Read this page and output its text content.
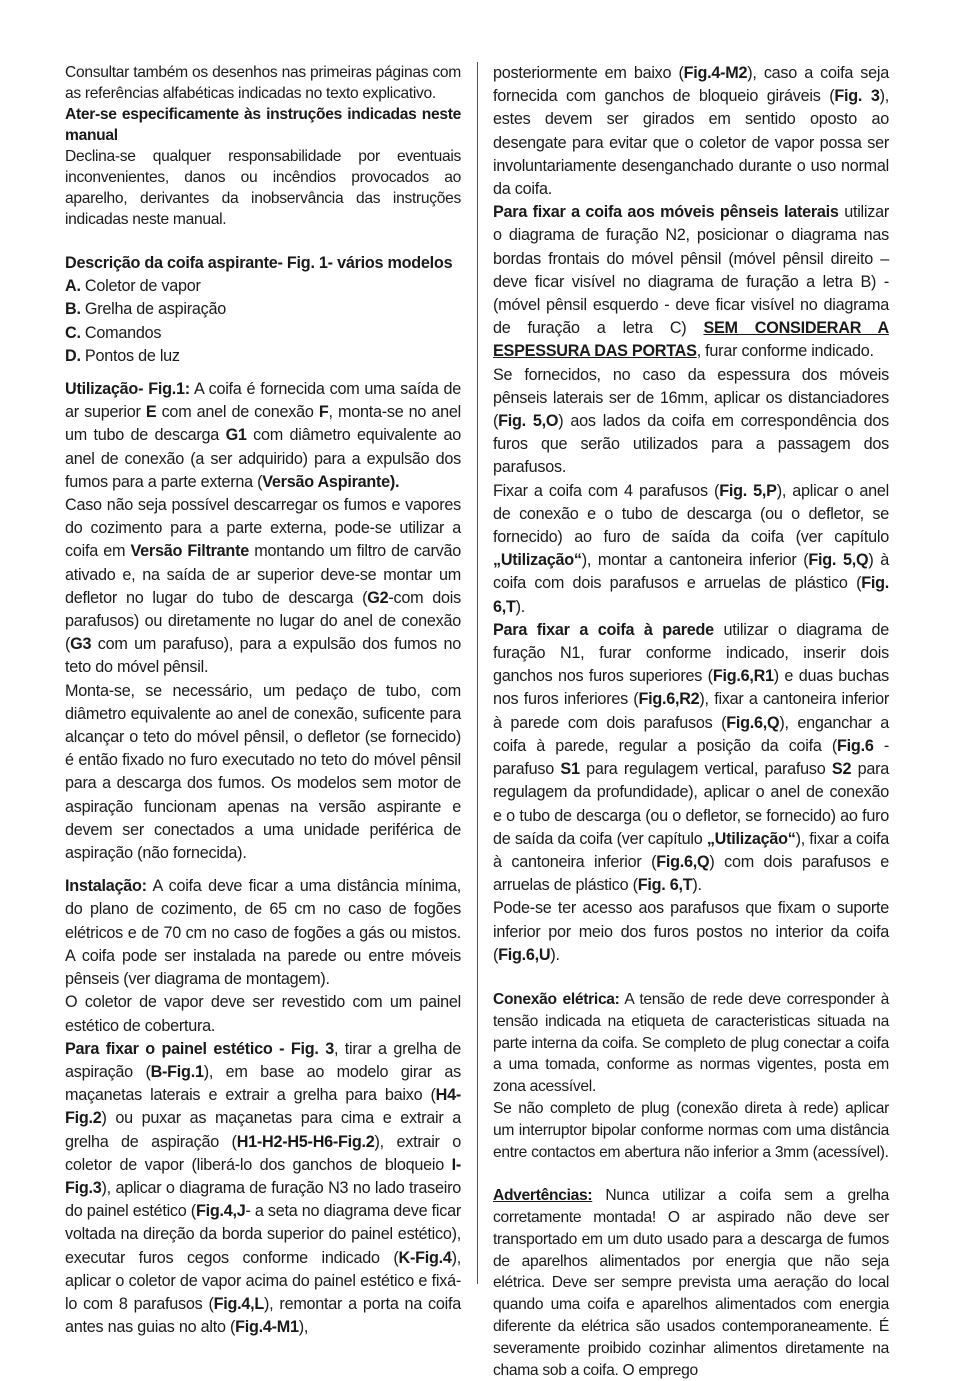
Consultar também os desenhos nas primeiras páginas com as referências alfabéticas indicadas no texto explicativo.
Ater-se especificamente às instruções indicadas neste manual
Declina-se qualquer responsabilidade por eventuais inconvenientes, danos ou incêndios provocados ao aparelho, derivantes da inobservância das instruções indicadas neste manual.

Descrição da coifa aspirante- Fig. 1- vários modelos
A. Coletor de vapor
B. Grelha de aspiração
C. Comandos
D. Pontos de luz

Utilização- Fig.1: A coifa é fornecida com uma saída de ar superior E com anel de conexão F, monta-se no anel um tubo de descarga G1 com diâmetro equivalente ao anel de conexão (a ser adquirido) para a expulsão dos fumos para a parte externa (Versão Aspirante).

Caso não seja possível descarregar os fumos e vapores do cozimento para a parte externa, pode-se utilizar a coifa em Versão Filtrante montando um filtro de carvão ativado e, na saída de ar superior deve-se montar um defletor no lugar do tubo de descarga (G2-com dois parafusos) ou diretamente no lugar do anel de conexão (G3 com um parafuso), para a expulsão dos fumos no teto do móvel pênsil.

Monta-se, se necessário, um pedaço de tubo, com diâmetro equivalente ao anel de conexão, suficente para alcançar o teto do móvel pênsil, o defletor (se fornecido) é então fixado no furo executado no teto do móvel pênsil para a descarga dos fumos. Os modelos sem motor de aspiração funcionam apenas na versão aspirante e devem ser conectados a uma unidade periférica de aspiração (não fornecida).

Instalação: A coifa deve ficar a uma distância mínima, do plano de cozimento, de 65 cm no caso de fogões elétricos e de 70 cm no caso de fogões a gás ou mistos. A coifa pode ser instalada na parede ou entre móveis pênseis (ver diagrama de montagem).

O coletor de vapor deve ser revestido com um painel estético de cobertura.

Para fixar o painel estético - Fig. 3, tirar a grelha de aspiração (B-Fig.1), em base ao modelo girar as maçanetas laterais e extrair a grelha para baixo (H4-Fig.2) ou puxar as maçanetas para cima e extrair a grelha de aspiração (H1-H2-H5-H6-Fig.2), extrair o coletor de vapor (liberá-lo dos ganchos de bloqueio I-Fig.3), aplicar o diagrama de furação N3 no lado traseiro do painel estético (Fig.4,J- a seta no diagrama deve ficar voltada na direção da borda superior do painel estético), executar furos cegos conforme indicado (K-Fig.4), aplicar o coletor de vapor acima do painel estético e fixá-lo com 8 parafusos (Fig.4,L), remontar a porta na coifa antes nas guias no alto (Fig.4-M1),

posteriormente em baixo (Fig.4-M2), caso a coifa seja fornecida com ganchos de bloqueio giráveis (Fig. 3), estes devem ser girados em sentido oposto ao desengate para evitar que o coletor de vapor possa ser involuntariamente desenganchado durante o uso normal da coifa.

Para fixar a coifa aos móveis pênseis laterais utilizar o diagrama de furação N2, posicionar o diagrama nas bordas frontais do móvel pênsil (móvel pênsil direito – deve ficar visível no diagrama de furação a letra B) - (móvel pênsil esquerdo - deve ficar visível no diagrama de furação a letra C) SEM CONSIDERAR A ESPESSURA DAS PORTAS, furar conforme indicado.

Se fornecidos, no caso da espessura dos móveis pênseis laterais ser de 16mm, aplicar os distanciadores (Fig. 5,O) aos lados da coifa em correspondência dos furos que serão utilizados para a passagem dos parafusos.

Fixar a coifa com 4 parafusos (Fig. 5,P), aplicar o anel de conexão e o tubo de descarga (ou o defletor, se fornecido) ao furo de saída da coifa (ver capítulo „Utilização“), montar a cantoneira inferior (Fig. 5,Q) à coifa com dois parafusos e arruelas de plástico (Fig. 6,T).

Para fixar a coifa à parede utilizar o diagrama de furação N1, furar conforme indicado, inserir dois ganchos nos furos superiores (Fig.6,R1) e duas buchas nos furos inferiores (Fig.6,R2), fixar a cantoneira inferior à parede com dois parafusos (Fig.6,Q), enganchar a coifa à parede, regular a posição da coifa (Fig.6 - parafuso S1 para regulagem vertical, parafuso S2 para regulagem da profundidade), aplicar o anel de conexão e o tubo de descarga (ou o defletor, se fornecido) ao furo de saída da coifa (ver capítulo „Utilização“), fixar a coifa à cantoneira inferior (Fig.6,Q) com dois parafusos e arruelas de plástico (Fig. 6,T).

Pode-se ter acesso aos parafusos que fixam o suporte inferior por meio dos furos postos no interior da coifa (Fig.6,U).

Conexão elétrica: A tensão de rede deve corresponder à tensão indicada na etiqueta de caracteristicas situada na parte interna da coifa. Se completo de plug conectar a coifa a uma tomada, conforme as normas vigentes, posta em zona acessível.

Se não completo de plug (conexão direta à rede) aplicar um interruptor bipolar conforme normas com uma distância entre contactos em abertura não inferior a 3mm (acessível).

Advertências: Nunca utilizar a coifa sem a grelha corretamente montada! O ar aspirado não deve ser transportado em um duto usado para a descarga de fumos de aparelhos alimentados por energia que não seja elétrica. Deve ser sempre prevista uma aeração do local quando uma coifa e aparelhos alimentados com energia diferente da elétrica são usados contemporaneamente. É severamente proibido cozinhar alimentos diretamente na chama sob a coifa. O emprego
